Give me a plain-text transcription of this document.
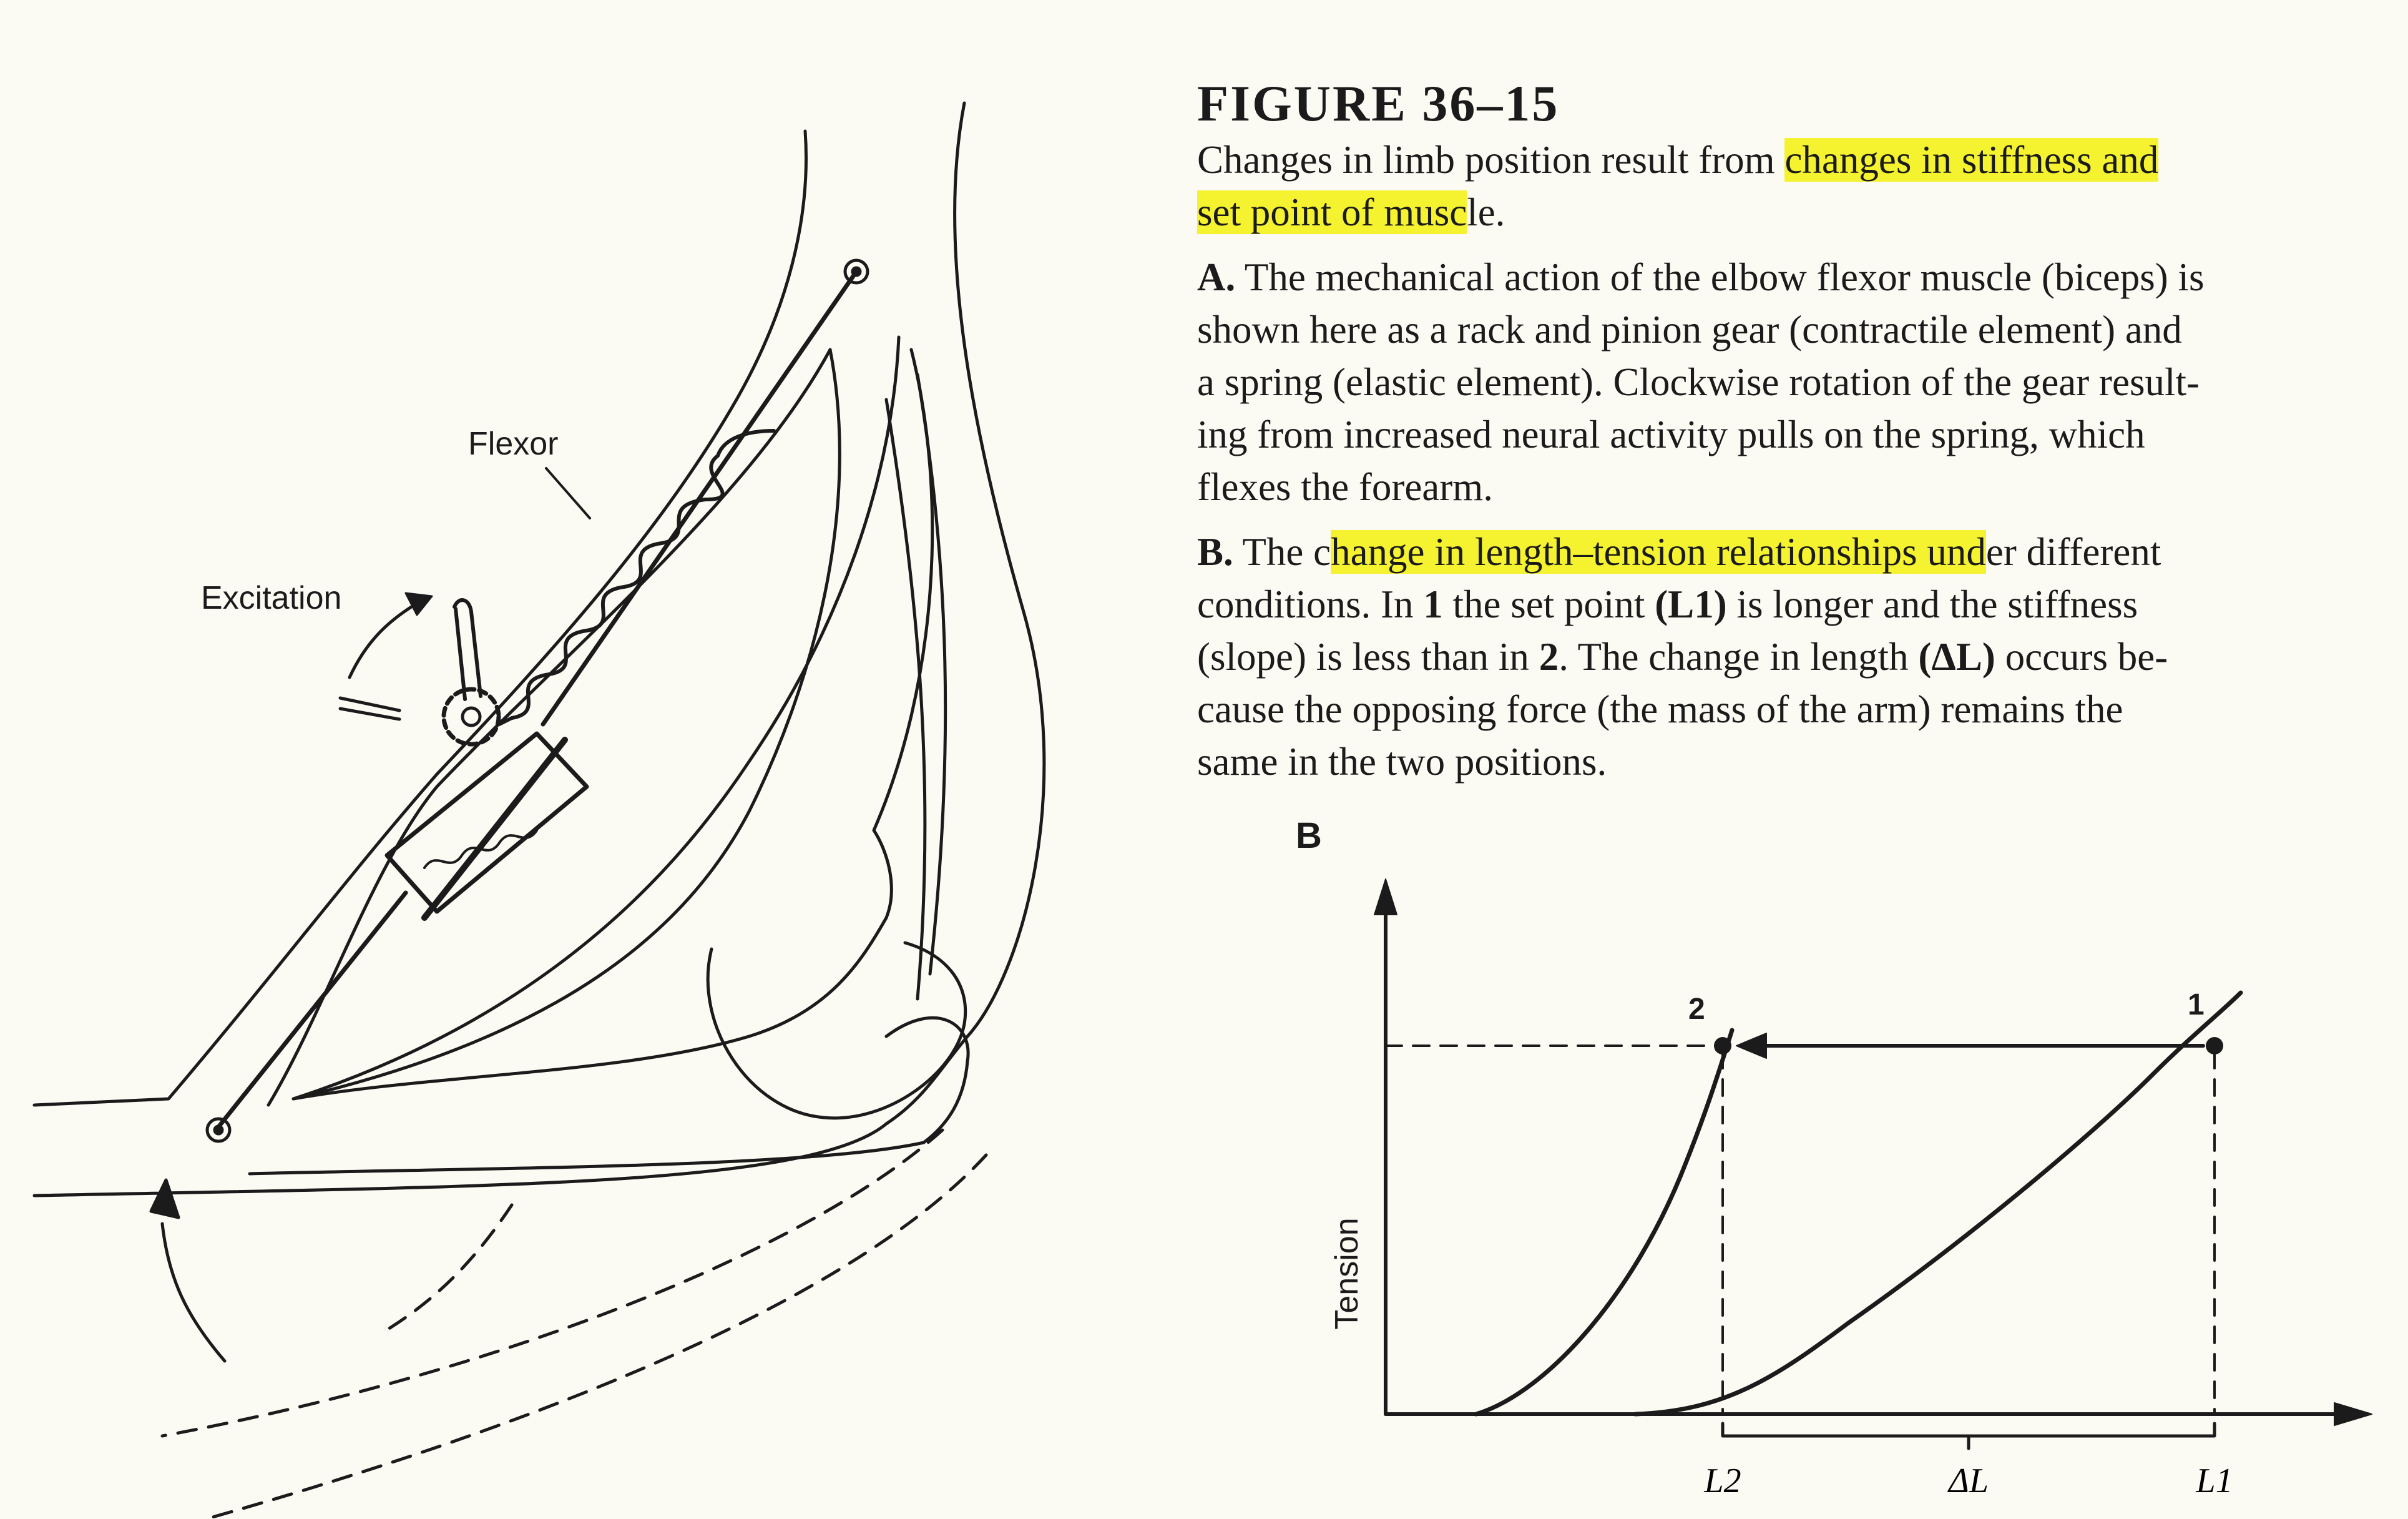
Flexor
Excitation
FIGURE 36–15
Changes in limb position result from changes in stiffness and
set point of muscle.
A. The mechanical action of the elbow flexor muscle (biceps) is
shown here as a rack and pinion gear (contractile element) and
a spring (elastic element). Clockwise rotation of the gear result-
ing from increased neural activity pulls on the spring, which
flexes the forearm.
B. The change in length–tension relationships under different
conditions. In 1 the set point (L1) is longer and the stiffness
(slope) is less than in 2. The change in length (ΔL) occurs be-
cause the opposing force (the mass of the arm) remains the
same in the two positions.
B
2	1
Tension
L2	ΔL	L1
